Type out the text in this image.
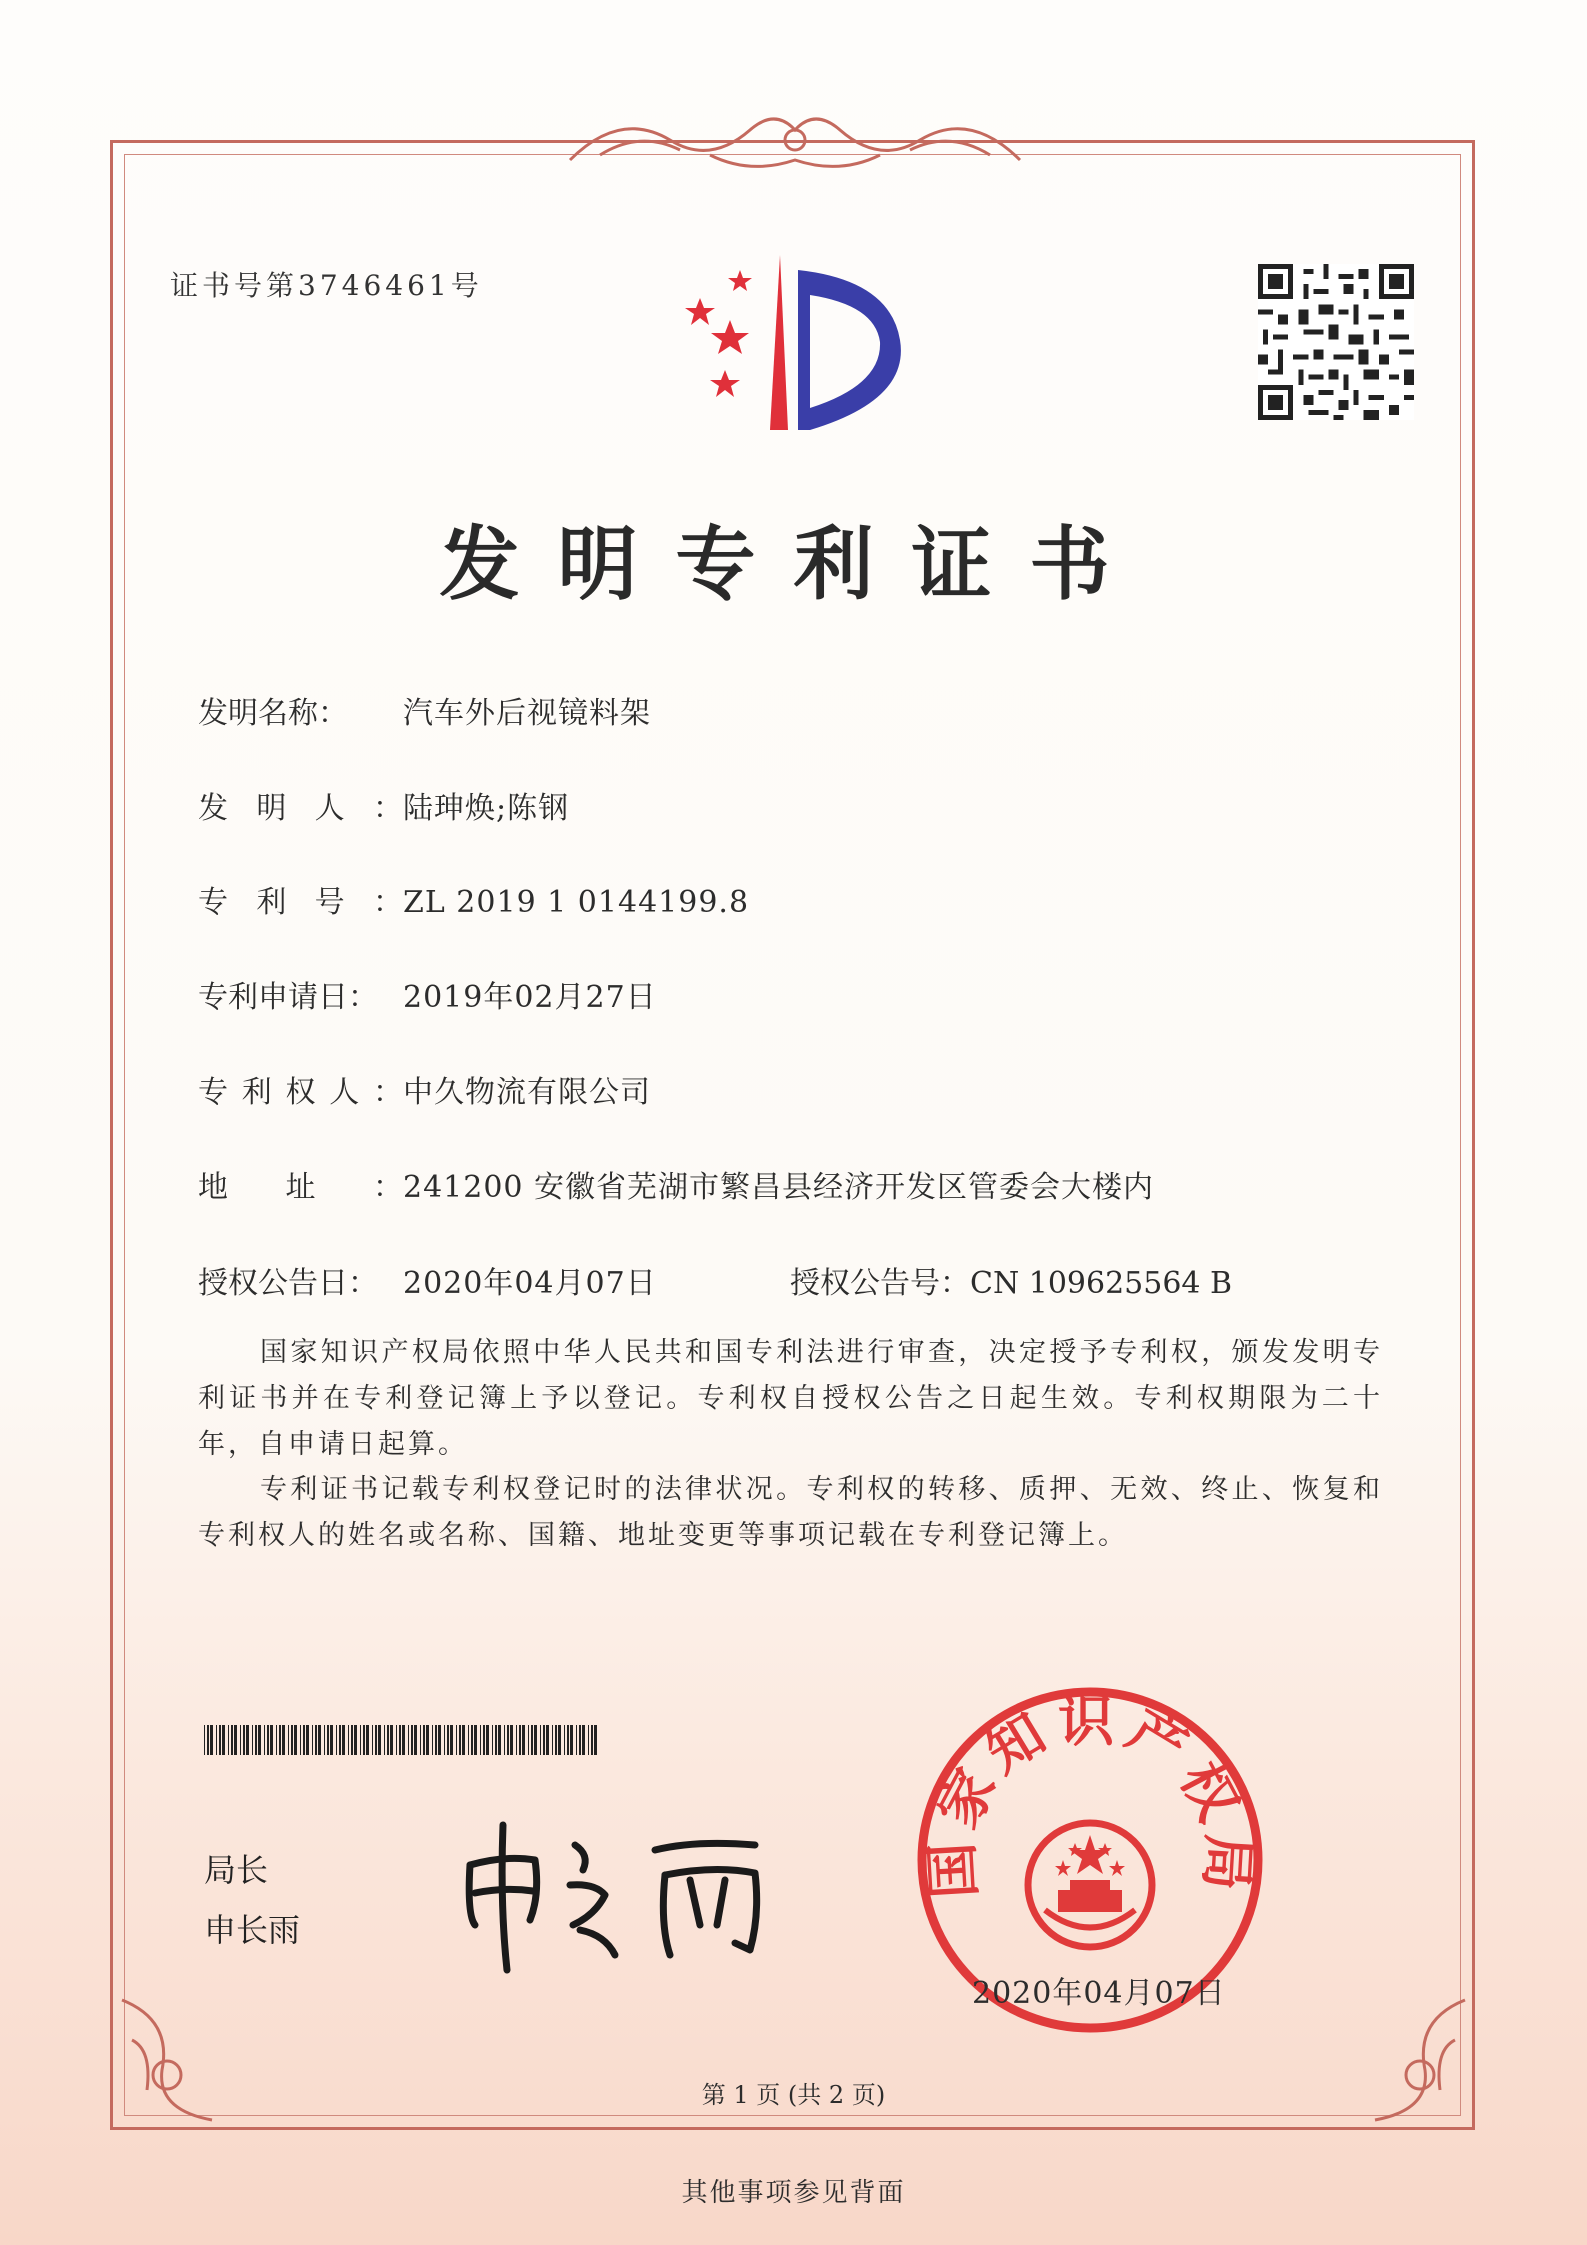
证书号第3746461号
发明专利证书
发明名称： 汽车外后视镜料架
发明人：陆珅焕;陈钢
专利号：ZL 2019 1 0144199.8
专利申请日： 2019年02月27日
专利权人：中久物流有限公司
地址：241200 安徽省芜湖市繁昌县经济开发区管委会大楼内
授权公告日： 2020年04月07日	授权公告号：CN 109625564 B
国家知识产权局依照中华人民共和国专利法进行审查，决定授予专利权，颁发发明专利证书并在专利登记簿上予以登记。专利权自授权公告之日起生效。专利权期限为二十年，自申请日起算。
专利证书记载专利权登记时的法律状况。专利权的转移、质押、无效、终止、恢复和专利权人的姓名或名称、国籍、地址变更等事项记载在专利登记簿上。
局长
申长雨
国家知识产权局
2020年04月07日
第 1 页 (共 2 页)
其他事项参见背面
